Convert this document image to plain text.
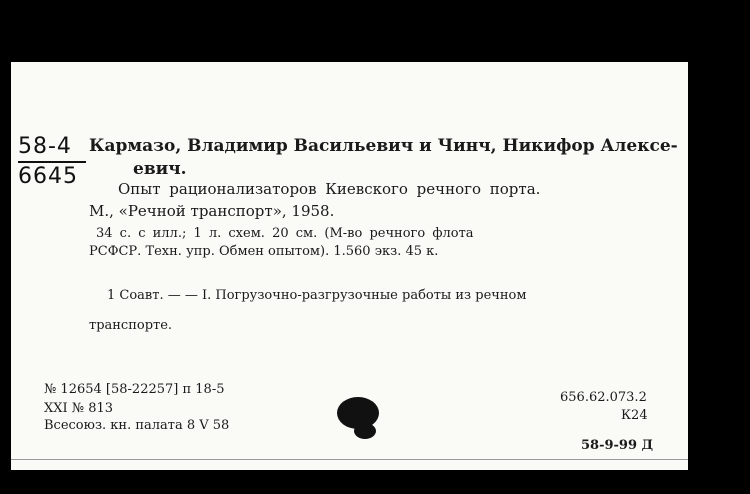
58-4
6645
Кармазо, Владимир Васильевич и Чинч, Никифор Алексе-
евич.
Опыт рационализаторов Киевского речного порта.
М., «Речной транспорт», 1958.
34 с. с илл.; 1 л. схем. 20 см. (М-во речного флота
РСФСР. Техн. упр. Обмен опытом). 1.560 экз. 45 к.
1 Соавт. — — I. Погрузочно-разгрузочные работы из речном
транспорте.
№ 12654 [58-22257] п 18-5
XXI № 813
Всесоюз. кн. палата 8 V 58
656.62.073.2
К24
58-9-99 Д
